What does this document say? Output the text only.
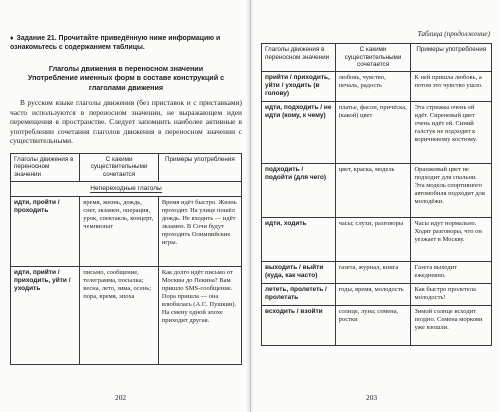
♦ Задание 21. Прочитайте приведённую ниже информацию и ознакомьтесь с содержанием таблицы.
Глаголы движения в переносном значении
Употребление именных форм в составе конструкций с глаголами движения

В русском языке глаголы движения (без приставок и с приставками) часто используются в переносном значении, не выражающем идеи перемещения в пространстве. Следует запомнить наиболее активные в употреблении сочетания глаголов движения в переносном значении с существительными.

Глаголы движения в переносном значении	С какими существительными сочетается	Примеры употребления
Непереходные глаголы		
идти, пройти / проходить	время, жизнь, дождь, снег, экзамен, операция, урок, спектакль, концерт, чемпионат	Время идёт быстро. Жизнь проходит. На улице пошёл дождь. Не входить — идёт экзамен. В Сочи будут проходить Олимпийские игры.
идти, прийти / приходить, уйти / уходить	письмо, сообщение, телеграмма, посылка; весна, лето, зима, осень; пора, время, эпоха	Как долго идёт письмо от Москвы до Пекина? Вам пришло SMS-сообщение. Пора пришла — она влюбилась (А.С. Пушкин). На смену одной эпохе приходит другая.
202
Таблица (продолжение)
Глаголы движения в переносном значении	С какими существительными сочетается	Примеры употребления
прийти / приходить, уйти / уходить (в голову)	любовь, чувство, печаль, радость	К ней пришла любовь, а потом это чувство ушло.
идти, подходить / не идти (кому, к чему)	платье, фасон, причёска, (какой) цвет	Эта стрижка очень ей идёт. Сиреневый цвет очень идёт ей. Синий галстук не подходит к коричневому костюму.
подходить / подойти (для чего)	цвет, краска, модель	Оранжевый цвет не подходит для спальни. Эта модель спортивного автомобиля подходит для молодёжи.
идти, ходить	часы; слухи, разговоры	Часы идут нормально. Ходят разговоры, что он уезжает в Москву.
выходить / выйти (куда, как часто)	газета, журнал, книга	Газета выходит ежедневно.
лететь, пролететь / пролетать	годы, время, молодость	Как быстро пролетела молодость!
всходить / взойти	солнце, луна; семена, ростки	Зимой солнце всходит поздно. Семена моркови уже взошли.
203
